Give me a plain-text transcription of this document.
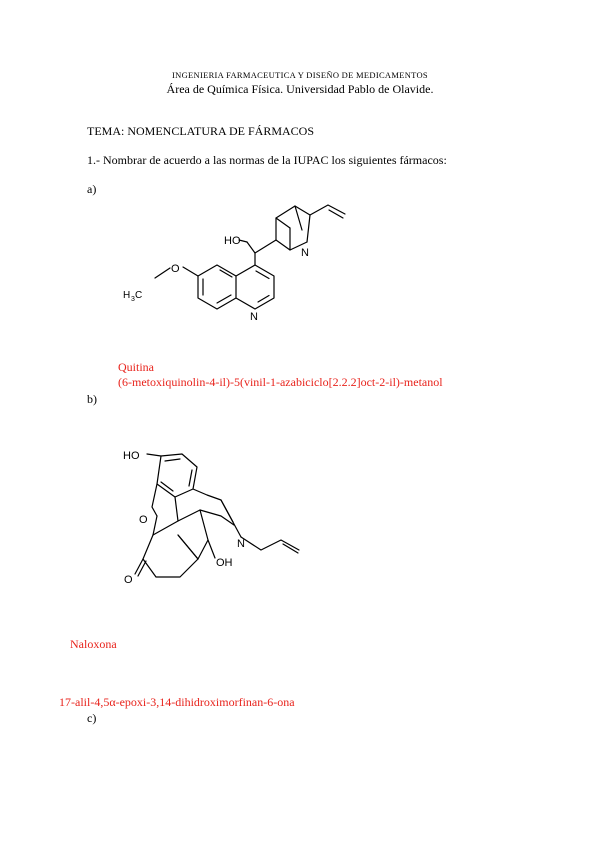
INGENIERIA FARMACEUTICA Y DISEÑO DE MEDICAMENTOS
Área de Química Física. Universidad Pablo de Olavide.
TEMA: NOMENCLATURA DE FÁRMACOS
1.- Nombrar de acuerdo a las normas de la IUPAC los siguientes fármacos:
a)
HO
N
N
O
H 3 C
Quitina
(6-metoxiquinolin-4-il)-5(vinil-1-azabiciclo[2.2.2]oct-2-il)-metanol
b)
HO
O
O
OH
N
Naloxona
17-alil-4,5α-epoxi-3,14-dihidroximorfinan-6-ona
c)
